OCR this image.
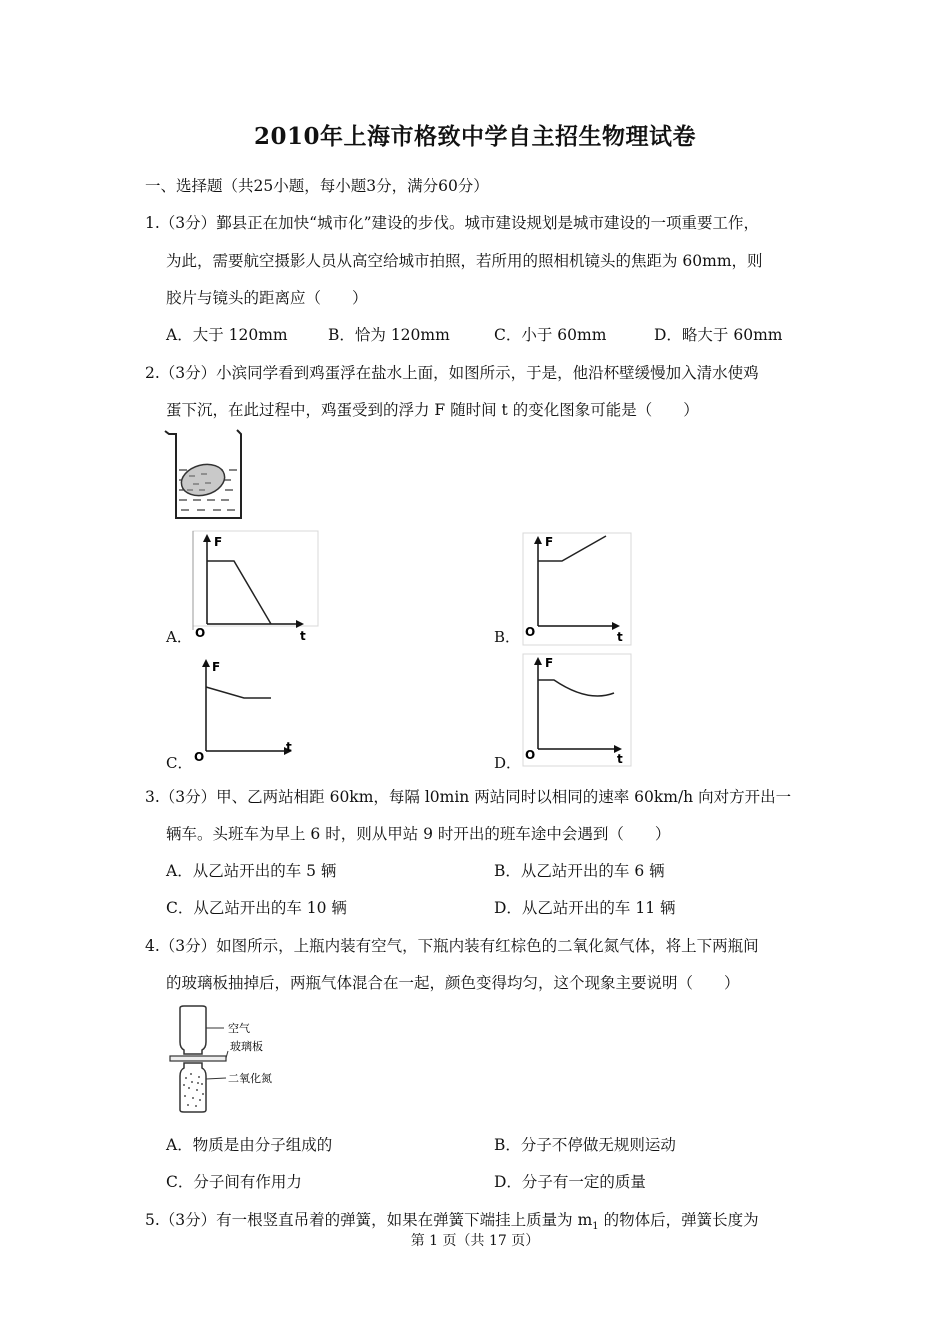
2010年上海市格致中学自主招生物理试卷
一、选择题（共25小题，每小题3分，满分60分）
1.（3分）鄞县正在加快“城市化”建设的步伐。城市建设规划是城市建设的一项重要工作，
为此，需要航空摄影人员从高空给城市拍照，若所用的照相机镜头的焦距为 60mm，则
胶片与镜头的距离应（　　）
A．大于 120mm	B．恰为 120mm	C．小于 60mm	D．略大于 60mm
2.（3分）小滨同学看到鸡蛋浮在盐水上面，如图所示，于是，他沿杯壁缓慢加入清水使鸡
蛋下沉，在此过程中，鸡蛋受到的浮力 F 随时间 t 的变化图象可能是（　　）
F
O	t
A．
F
O	t
B．
F
O
t
C．
F
O	t
D．
3.（3分）甲、乙两站相距 60km，每隔 l0min 两站同时以相同的速率 60km/h 向对方开出一
辆车。头班车为早上 6 时，则从甲站 9 时开出的班车途中会遇到（　　）
A．从乙站开出的车 5 辆	B．从乙站开出的车 6 辆
C．从乙站开出的车 10 辆	D．从乙站开出的车 11 辆
4.（3分）如图所示，上瓶内装有空气，下瓶内装有红棕色的二氧化氮气体，将上下两瓶间
的玻璃板抽掉后，两瓶气体混合在一起，颜色变得均匀，这个现象主要说明（　　）
空气
玻璃板
二氧化氮
A．物质是由分子组成的	B．分子不停做无规则运动
C．分子间有作用力	D．分子有一定的质量
5.（3分）有一根竖直吊着的弹簧，如果在弹簧下端挂上质量为 $m_1$ 的物体后，弹簧长度为
第 1 页（共 17 页）
